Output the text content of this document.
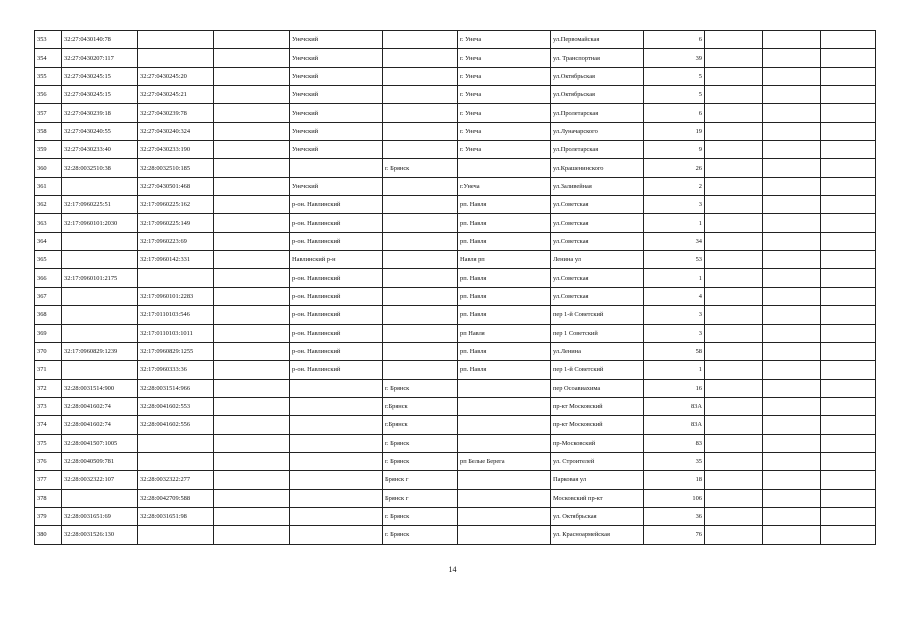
353	32:27:0430140:78			Унечский		г. Унеча	ул.Первомайская	6			
354	32:27:0430207:117			Унечский		г. Унеча	ул. Транспортная	39			
355	32:27:0430245:15	32:27:0430245:20		Унечский		г. Унеча	ул.Октябрьская	5			
356	32:27:0430245:15	32:27:0430245:21		Унечский		г. Унеча	ул.Октябрьская	5			
357	32:27:0430239:18	32:27:0430239:78		Унечский		г. Унеча	ул.Пролетарская	6			
358	32:27:0430240:55	32:27:0430240:324		Унечский		г. Унеча	ул.Луначарского	19			
359	32:27:0430233:40	32:27:0430233:190		Унечский		г. Унеча	ул.Пролетарская	9			
360	32:28:0032510:38	32:28:0032510:185			г. Брянск		ул.Крашенинского	26			
361		32:27:0430501:468		Унечский		г.Унеча	ул.Заливейная	2			
362	32:17:0960225:51	32:17:0960225:162		р-он. Навлинский		рп. Навля	ул.Советская	3			
363	32:17:0960101:2030	32:17:0960225:149		р-он. Навлинский		рп. Навля	ул.Советская	1			
364		32:17:0960223:69		р-он. Навлинский		рп. Навля	ул.Советская	34			
365		32:17:0960142:331		Навлинский р-н		Навля рп	Ленина ул	53			
366	32:17:0960101:2175			р-он. Навлинский		рп. Навля	ул.Советская	1			
367		32:17:0960101:2283		р-он. Навлинский		рп. Навля	ул.Советская	4			
368		32:17:0110103:546		р-он. Навлинский		рп. Навля	пер 1-й Советский	3			
369		32:17:0110103:1011		р-он. Навлинский		рп Навля	пер 1 Советский	3			
370	32:17:0960829:1239	32:17:0960829:1255		р-он. Навлинский		рп. Навля	ул.Ленина	58			
371		32:17:0960333:36		р-он. Навлинский		рп. Навля	пер 1-й Советский	1			
372	32:28:0031514:900	32:28:0031514:966			г. Брянск		пер Осоавиахима	16			
373	32:28:0041602:74	32:28:0041602:553			г.Брянск		пр-кт Московский	83А			
374	32:28:0041602:74	32:28:0041602:556			г.Брянск		пр-кт Московский	83А			
375	32:28:0041507:1005				г. Брянск		пр-Московский	83			
376	32:28:0040509:781				г. Брянск	рп Белые Берега	ул. Строителей	35			
377	32:28:0032322:107	32:28:0032322:277			Брянск г		Парковая ул	18			
378		32:28:0042709:588			Брянск г		Московский пр-кт	106			
379	32:28:0031651:69	32:28:0031651:98			г. Брянск		ул. Октябрьская	36			
380	32:28:0031526:130				г. Брянск		ул. Красноармейская	76			
14
